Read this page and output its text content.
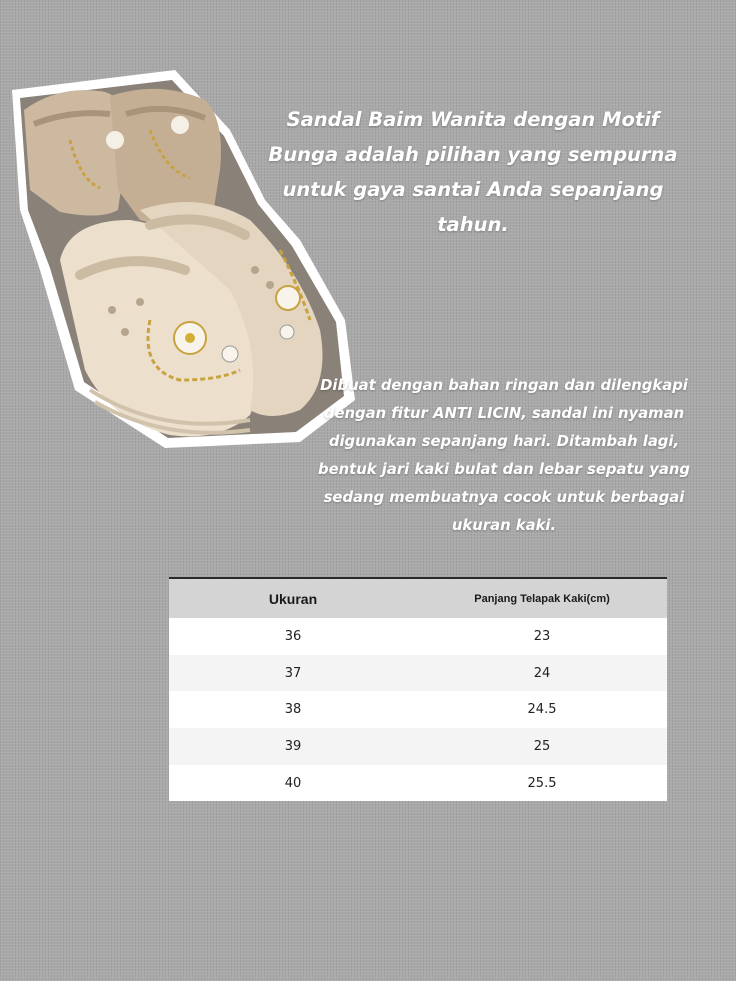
Sandal Baim Wanita dengan Motif Bunga adalah pilihan yang sempurna untuk gaya santai Anda sepanjang tahun.
Dibuat dengan bahan ringan dan dilengkapi dengan fitur ANTI LICIN, sandal ini nyaman digunakan sepanjang hari. Ditambah lagi, bentuk jari kaki bulat dan lebar sepatu yang sedang membuatnya cocok untuk berbagai ukuran kaki.
Ukuran	Panjang Telapak Kaki(cm)
36	23
37	24
38	24.5
39	25
40	25.5
